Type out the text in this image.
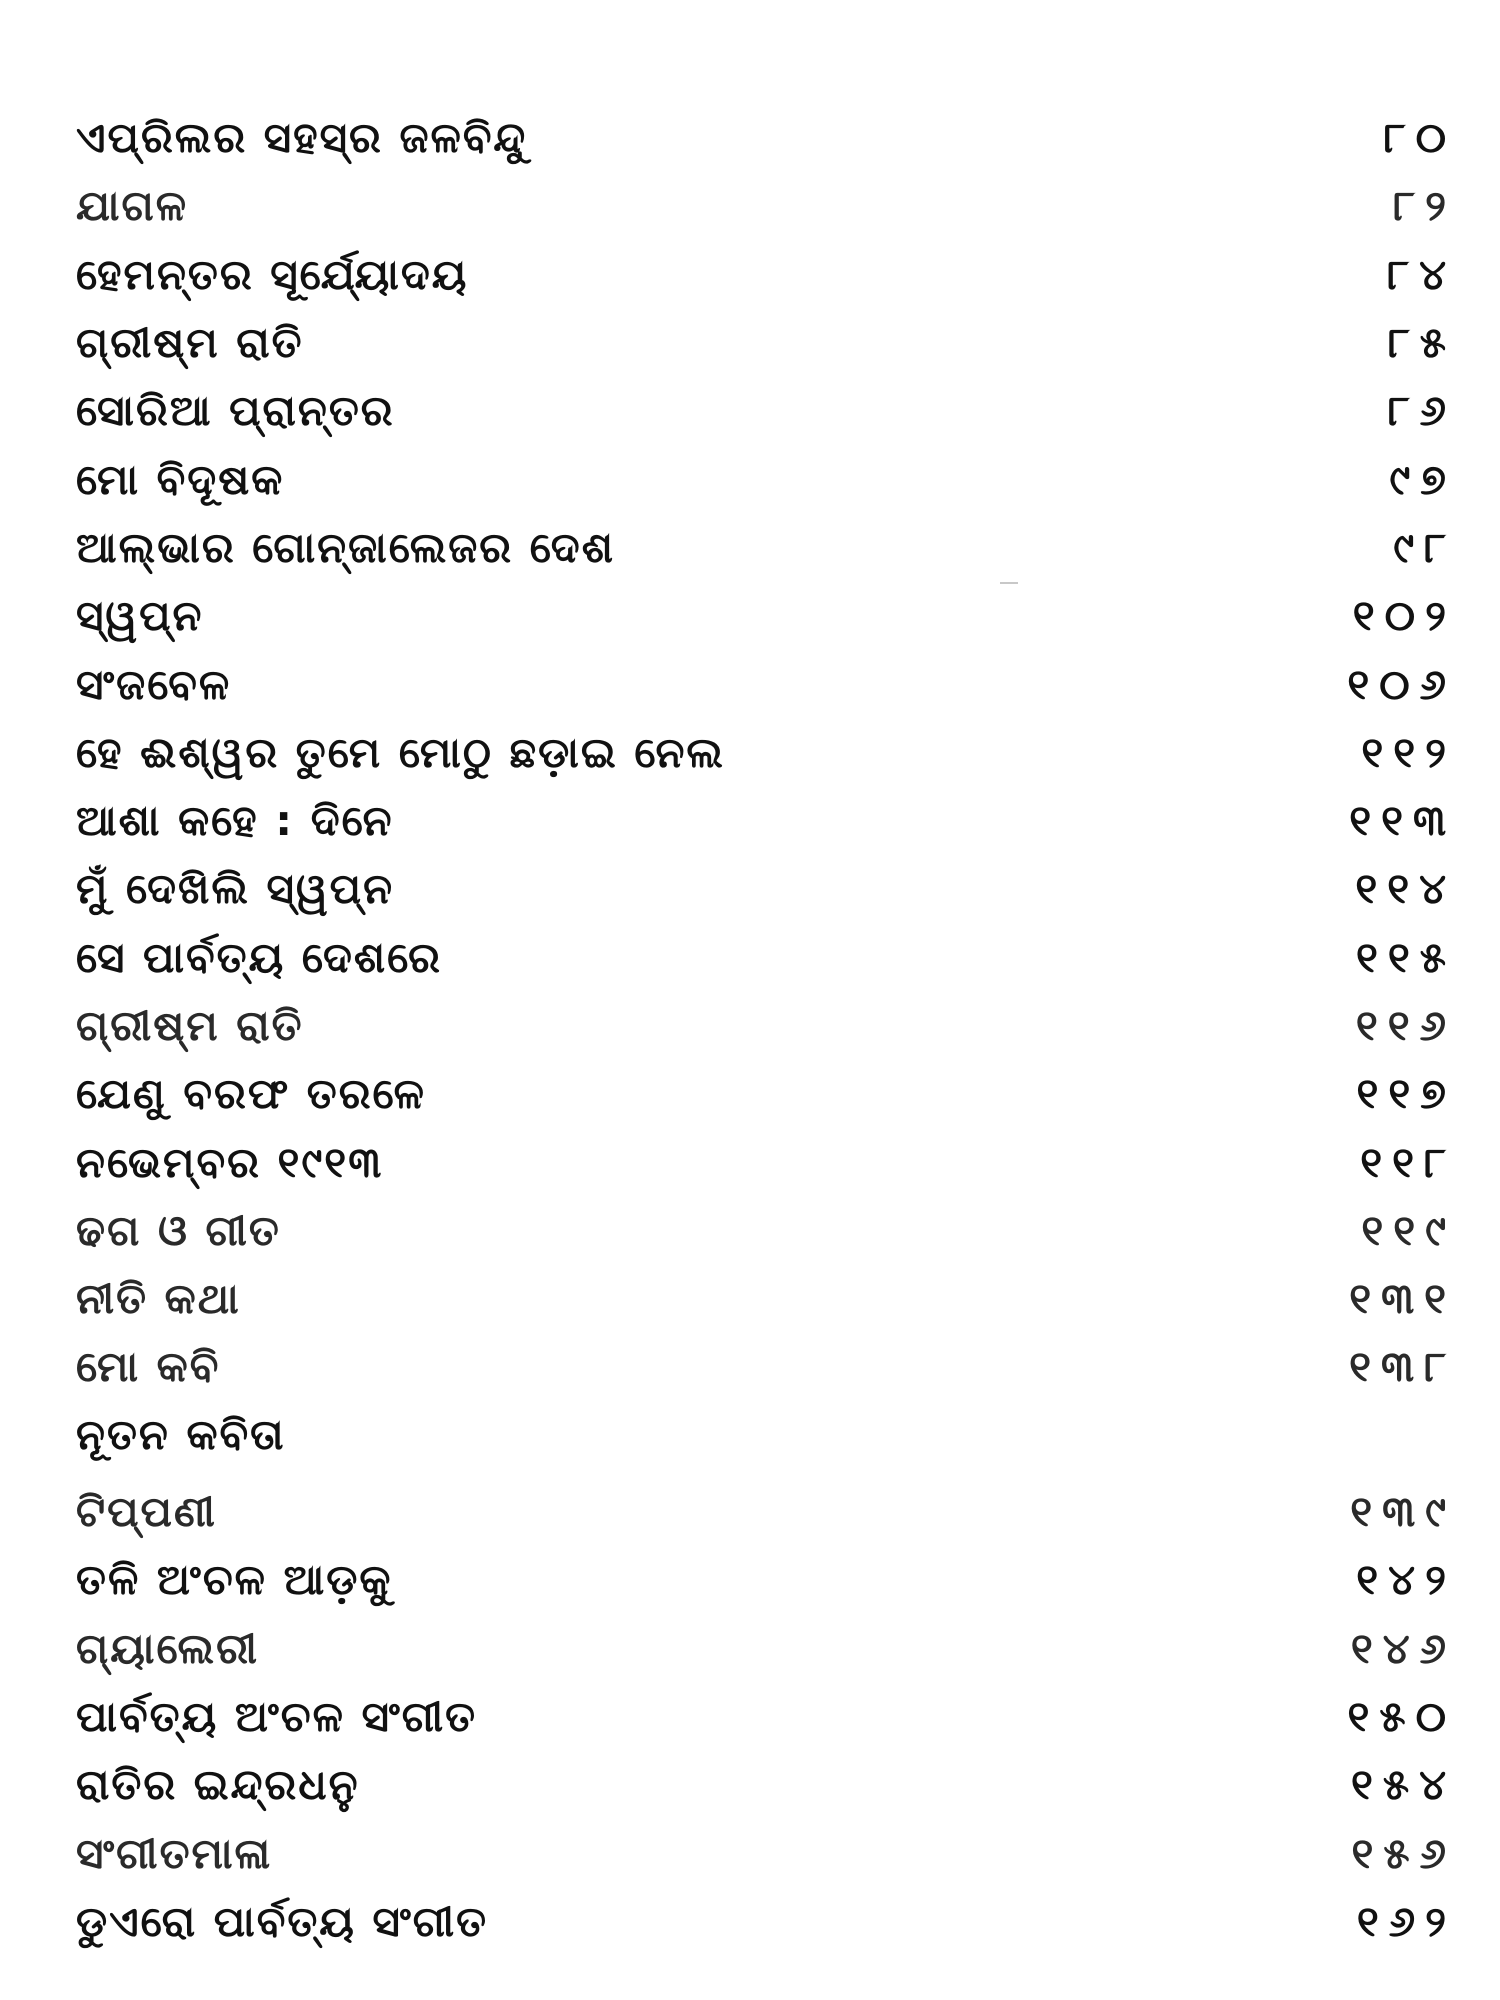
ଏପ୍ରିଲର ସହସ୍ର ଜଳବିନ୍ଦୁ	୮୦
ଯାଗଳ	୮୨
ହେମନ୍ତର ସୂର୍ଯ୍ୟୋଦୟ	୮୪
ଗ୍ରୀଷ୍ମ ରାତି	୮୫
ସୋରିଆ ପ୍ରାନ୍ତର	୮୬
ମୋ ବିଦୂଷକ	୯୭
ଆଲ୍‌ଭାର ଗୋନ୍‌ଜାଲେଜର ଦେଶ	୯୮
ସ୍ୱପ୍ନ	୧୦୨
ସଂଜବେଳ	୧୦୬
ହେ ଈଶ୍ୱର ତୁମେ ମୋଠୁ ଛଡ଼ାଇ ନେଲ	୧୧୨
ଆଶା କହେ : ଦିନେ	୧୧୩
ମୁଁ ଦେଖିଲି ସ୍ୱପ୍ନ	୧୧୪
ସେ ପାର୍ବତ୍ୟ ଦେଶରେ	୧୧୫
ଗ୍ରୀଷ୍ମ ରାତି	୧୧୬
ଯେଣୁ ବରଫ ତରଳେ	୧୧୭
ନଭେମ୍ବର ୧୯୧୩	୧୧୮
ଢଗ ଓ ଗୀତ	୧୧୯
ନୀତି କଥା	୧୩୧
ମୋ କବି	୧୩୮
ନୂତନ କବିତା
ଟିପ୍ପଣୀ	୧୩୯
ତଳି ଅଂଚଳ ଆଡ଼କୁ	୧୪୨
ଗ୍ୟାଲେରୀ	୧୪୬
ପାର୍ବତ୍ୟ ଅଂଚଳ ସଂଗୀତ	୧୫୦
ରାତିର ଇନ୍ଦ୍ରଧନୁ	୧୫୪
ସଂଗୀତମାଳା	୧୫୬
ଡୁଏରୋ ପାର୍ବତ୍ୟ ସଂଗୀତ	୧୬୨
